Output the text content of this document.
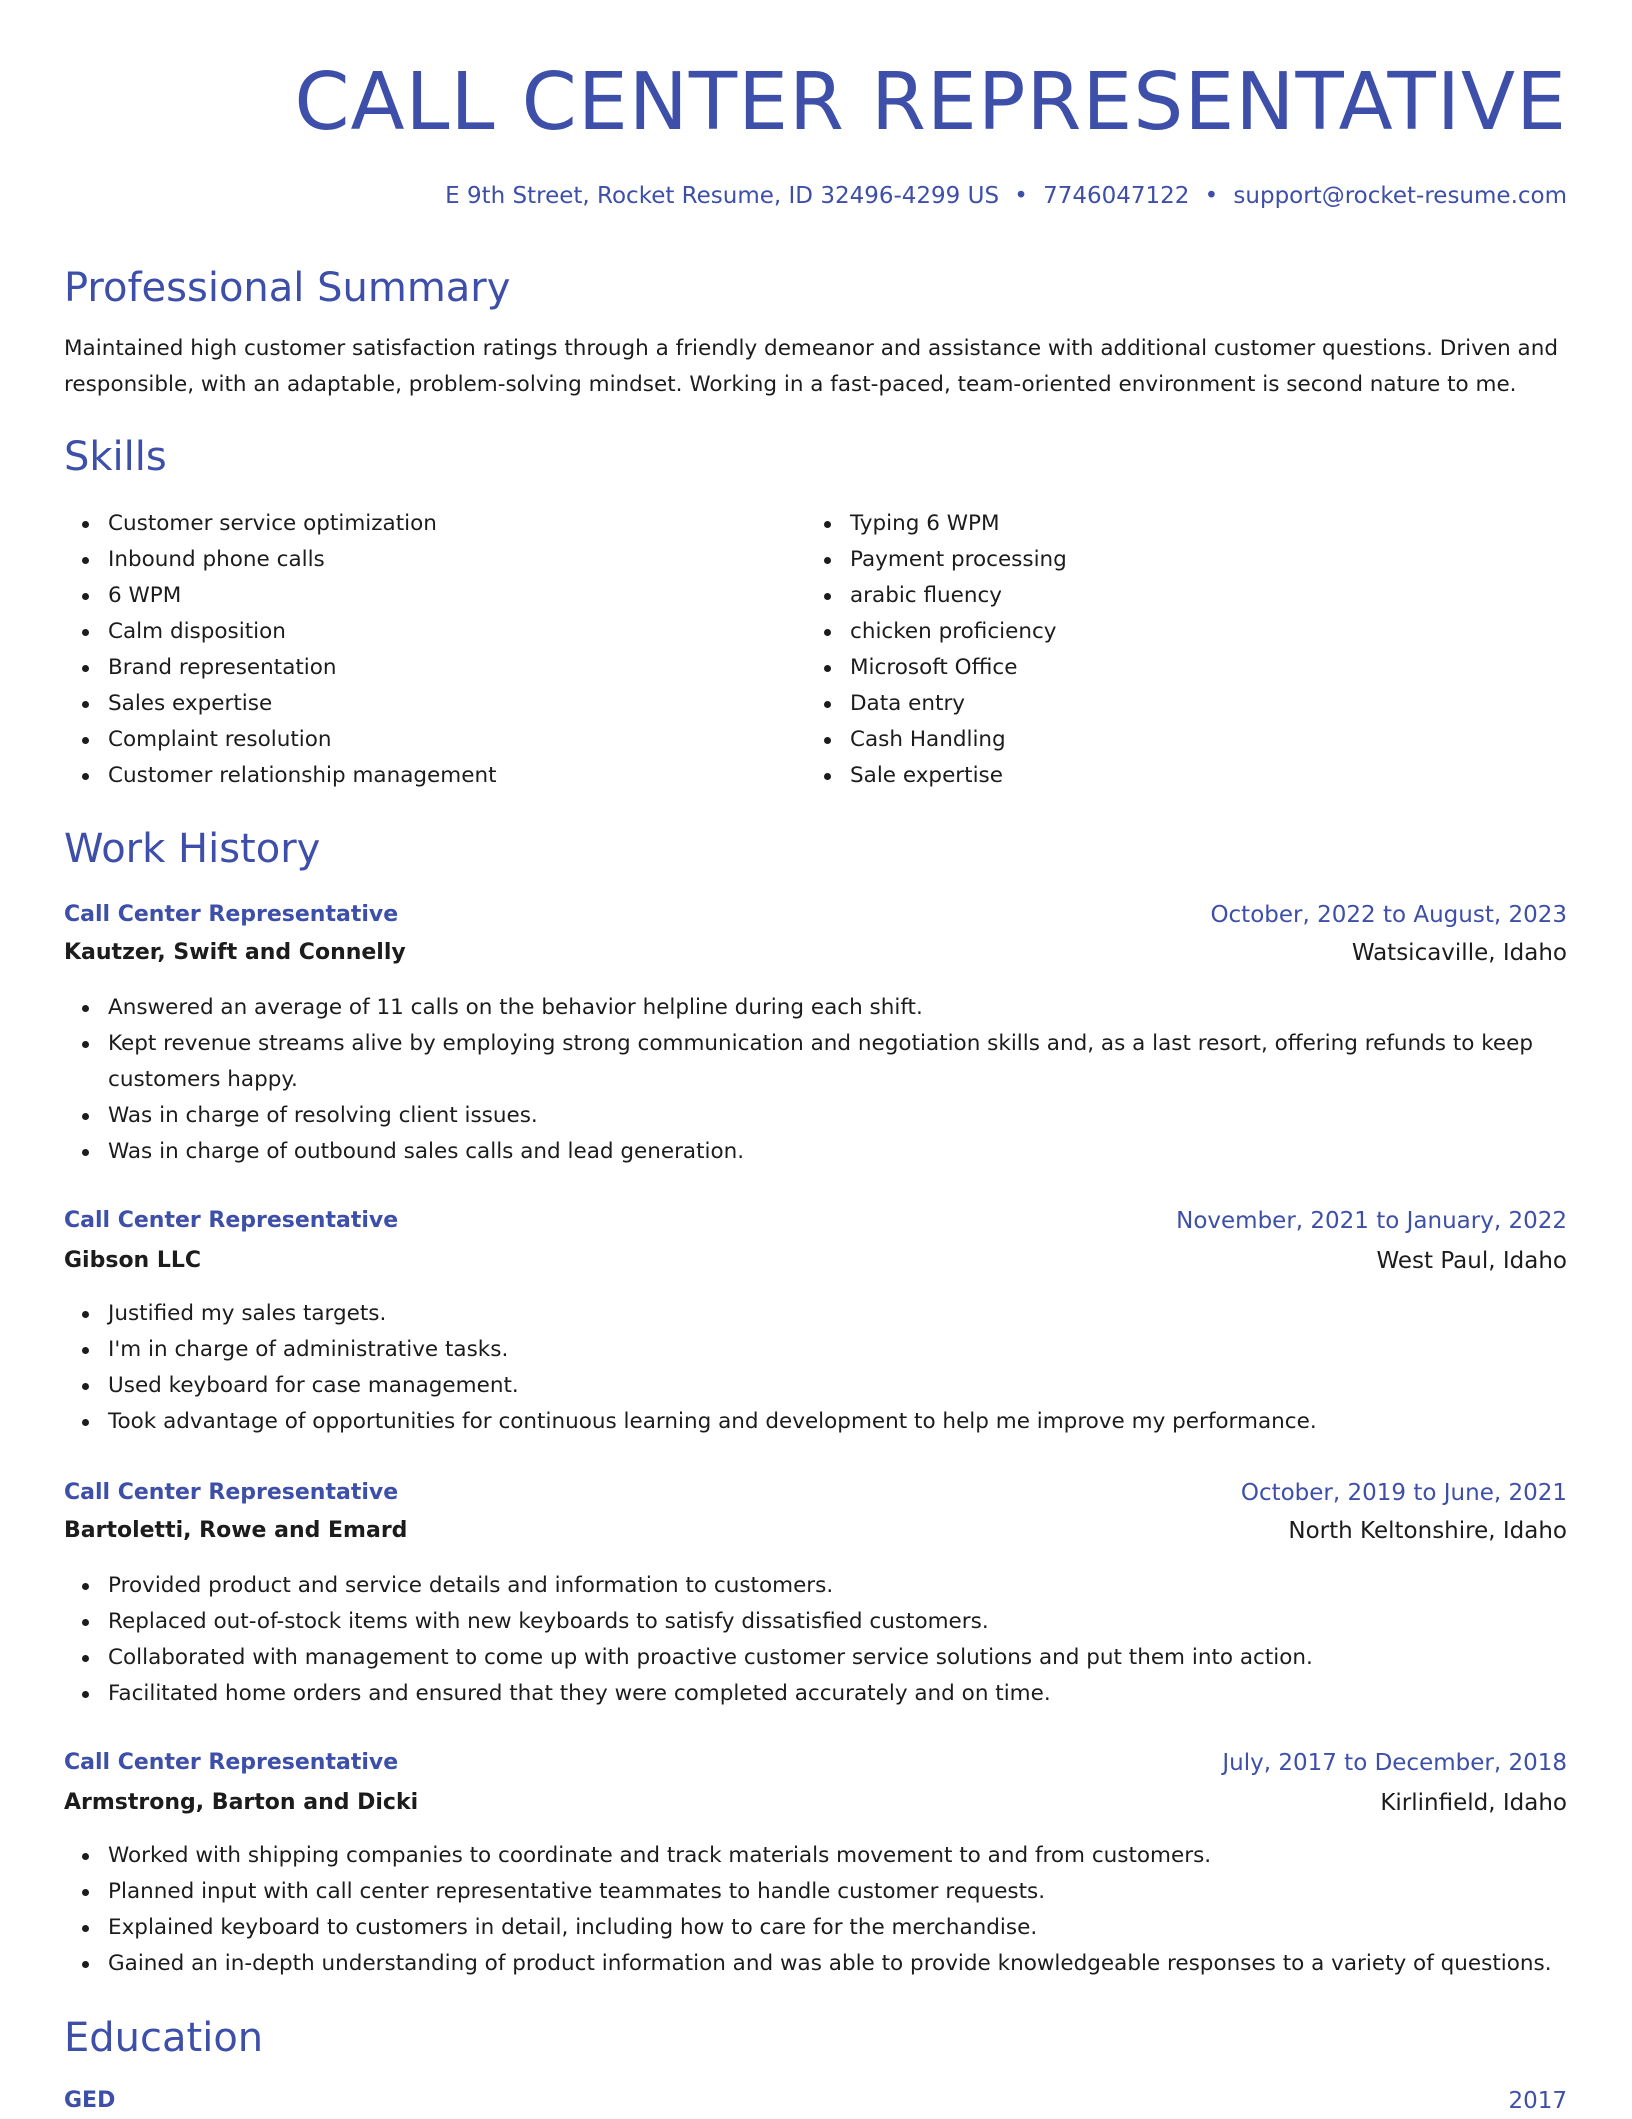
CALL CENTER REPRESENTATIVE
E 9th Street, Rocket Resume, ID 32496-4299 US • 7746047122 • support@rocket-resume.com
Professional Summary
Maintained high customer satisfaction ratings through a friendly demeanor and assistance with additional customer questions. Driven and responsible, with an adaptable, problem-solving mindset. Working in a fast-paced, team-oriented environment is second nature to me.
Skills
Customer service optimization
Inbound phone calls
6 WPM
Calm disposition
Brand representation
Sales expertise
Complaint resolution
Customer relationship management
Typing 6 WPM
Payment processing
arabic fluency
chicken proficiency
Microsoft Office
Data entry
Cash Handling
Sale expertise
Work History
Call Center Representative	October, 2022 to August, 2023
Kautzer, Swift and Connelly	Watsicaville, Idaho
Answered an average of 11 calls on the behavior helpline during each shift.
Kept revenue streams alive by employing strong communication and negotiation skills and, as a last resort, offering refunds to keep customers happy.
Was in charge of resolving client issues.
Was in charge of outbound sales calls and lead generation.
Call Center Representative	November, 2021 to January, 2022
Gibson LLC	West Paul, Idaho
Justified my sales targets.
I'm in charge of administrative tasks.
Used keyboard for case management.
Took advantage of opportunities for continuous learning and development to help me improve my performance.
Call Center Representative	October, 2019 to June, 2021
Bartoletti, Rowe and Emard	North Keltonshire, Idaho
Provided product and service details and information to customers.
Replaced out-of-stock items with new keyboards to satisfy dissatisfied customers.
Collaborated with management to come up with proactive customer service solutions and put them into action.
Facilitated home orders and ensured that they were completed accurately and on time.
Call Center Representative	July, 2017 to December, 2018
Armstrong, Barton and Dicki	Kirlinfield, Idaho
Worked with shipping companies to coordinate and track materials movement to and from customers.
Planned input with call center representative teammates to handle customer requests.
Explained keyboard to customers in detail, including how to care for the merchandise.
Gained an in-depth understanding of product information and was able to provide knowledgeable responses to a variety of questions.
Education
GED	2017
